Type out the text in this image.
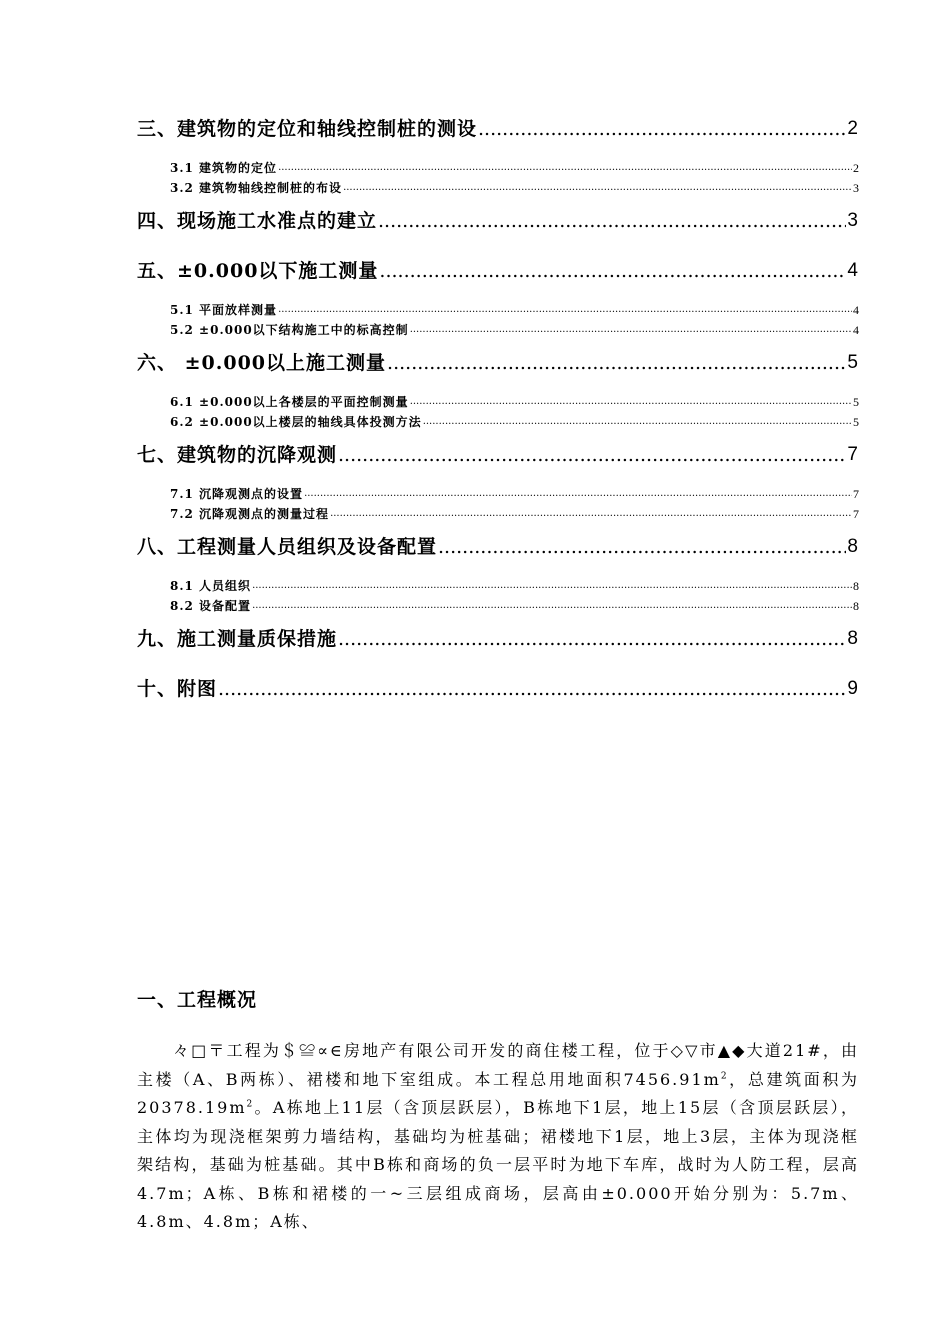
三、建筑物的定位和轴线控制桩的测设 .....	2
3.1 建筑物的定位 .....	2
3.2 建筑物轴线控制桩的布设 .....	3
四、现场施工水准点的建立 .....	3
五、±0.000以下施工测量 .....	4
5.1 平面放样测量 .....	4
5.2 ±0.000以下结构施工中的标高控制 .....	4
六、 ±0.000以上施工测量 .....	5
6.1 ±0.000以上各楼层的平面控制测量 .....	5
6.2 ±0.000以上楼层的轴线具体投测方法 .....	5
七、建筑物的沉降观测 .....	7
7.1 沉降观测点的设置 .....	7
7.2 沉降观测点的测量过程 .....	7
八、工程测量人员组织及设备配置 .....	8
8.1 人员组织 .....	8
8.2 设备配置 .....	8
九、施工测量质保措施 .....	8
十、附图 .....	9
一、工程概况

々□〒工程为＄≌∝∈房地产有限公司开发的商住楼工程，位于◇▽市▲◆大道21#，由主楼（A、B两栋）、裙楼和地下室组成。本工程总用地面积$7456.91m^2$，总建筑面积为$20378.19m^2$。A栋地上11层（含顶层跃层），B栋地下1层，地上15层（含顶层跃层），主体均为现浇框架剪力墙结构，基础均为桩基础；裙楼地下1层，地上3层，主体为现浇框架结构，基础为桩基础。其中B栋和商场的负一层平时为地下车库，战时为人防工程，层高4.7m；A栋、B栋和裙楼的一~三层组成商场，层高由±0.000开始分别为：5.7m、4.8m、4.8m；A栋、
